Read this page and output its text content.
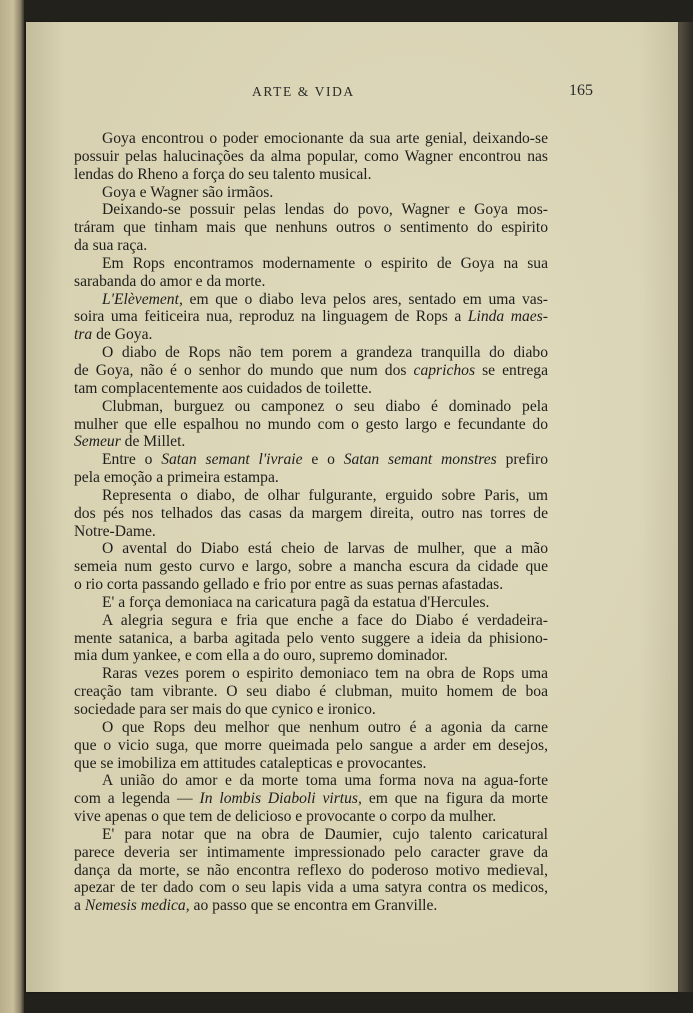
ARTE & VIDA	165
Goya encontrou o poder emocionante da sua arte genial, deixando-se
possuir pelas halucinações da alma popular, como Wagner encontrou nas
lendas do Rheno a força do seu talento musical.
Goya e Wagner são irmãos.
Deixando-se possuir pelas lendas do povo, Wagner e Goya mos-
tráram que tinham mais que nenhuns outros o sentimento do espirito
da sua raça.
Em Rops encontramos modernamente o espirito de Goya na sua
sarabanda do amor e da morte.
L'Elèvement, em que o diabo leva pelos ares, sentado em uma vas-
soira uma feiticeira nua, reproduz na linguagem de Rops a Linda maes-
tra de Goya.
O diabo de Rops não tem porem a grandeza tranquilla do diabo
de Goya, não é o senhor do mundo que num dos caprichos se entrega
tam complacentemente aos cuidados de toilette.
Clubman, burguez ou camponez o seu diabo é dominado pela
mulher que elle espalhou no mundo com o gesto largo e fecundante do
Semeur de Millet.
Entre o Satan semant l'ivraie e o Satan semant monstres prefiro
pela emoção a primeira estampa.
Representa o diabo, de olhar fulgurante, erguido sobre Paris, um
dos pés nos telhados das casas da margem direita, outro nas torres de
Notre-Dame.
O avental do Diabo está cheio de larvas de mulher, que a mão
semeia num gesto curvo e largo, sobre a mancha escura da cidade que
o rio corta passando gellado e frio por entre as suas pernas afastadas.
E' a força demoniaca na caricatura pagã da estatua d'Hercules.
A alegria segura e fria que enche a face do Diabo é verdadeira-
mente satanica, a barba agitada pelo vento suggere a ideia da phisiono-
mia dum yankee, e com ella a do ouro, supremo dominador.
Raras vezes porem o espirito demoniaco tem na obra de Rops uma
creação tam vibrante. O seu diabo é clubman, muito homem de boa
sociedade para ser mais do que cynico e ironico.
O que Rops deu melhor que nenhum outro é a agonia da carne
que o vicio suga, que morre queimada pelo sangue a arder em desejos,
que se imobiliza em attitudes catalepticas e provocantes.
A união do amor e da morte toma uma forma nova na agua-forte
com a legenda — In lombis Diaboli virtus, em que na figura da morte
vive apenas o que tem de delicioso e provocante o corpo da mulher.
E' para notar que na obra de Daumier, cujo talento caricatural
parece deveria ser intimamente impressionado pelo caracter grave da
dança da morte, se não encontra reflexo do poderoso motivo medieval,
apezar de ter dado com o seu lapis vida a uma satyra contra os medicos,
a Nemesis medica, ao passo que se encontra em Granville.
